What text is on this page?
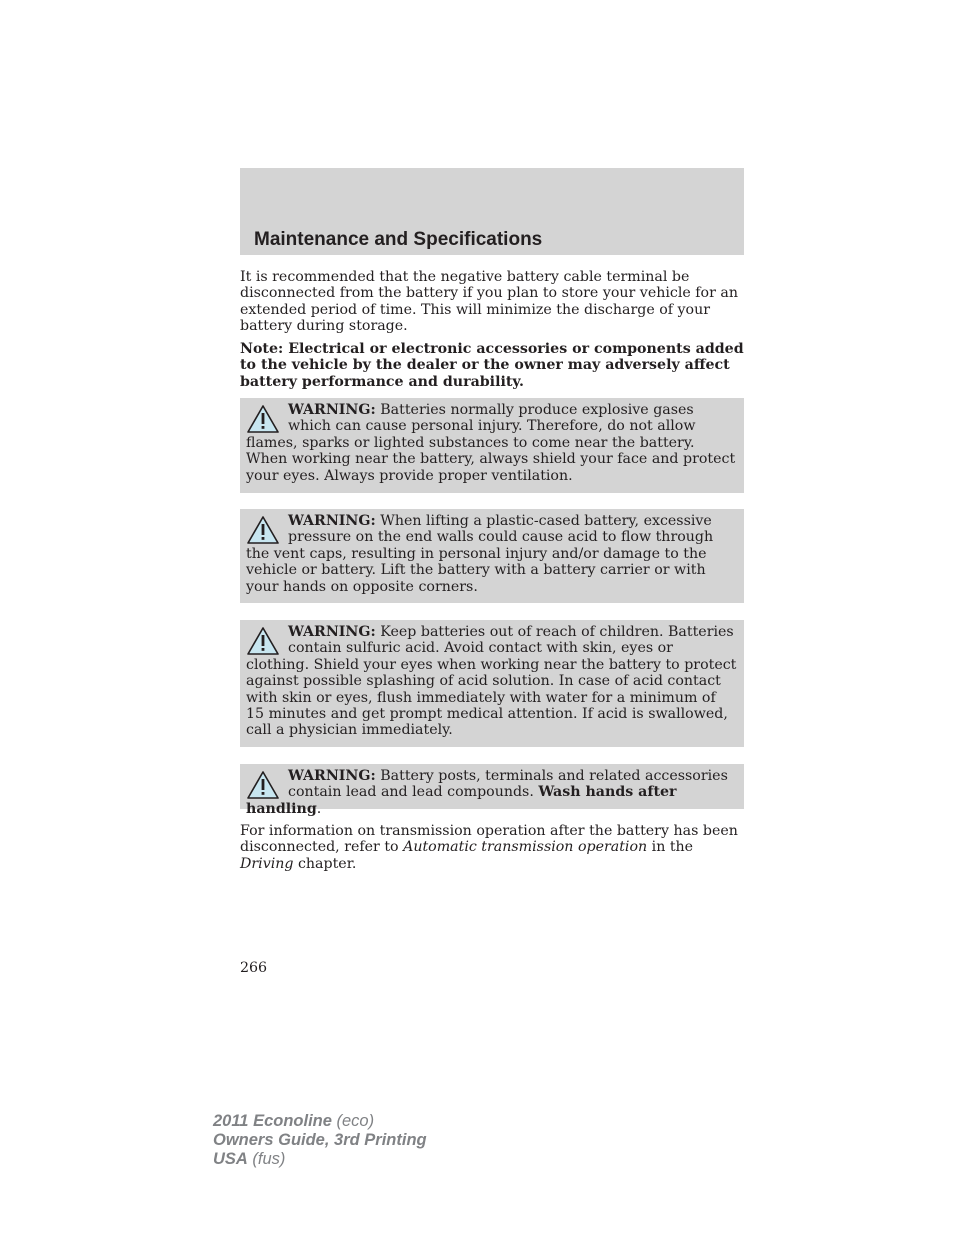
Maintenance and Specifications

It is recommended that the negative battery cable terminal be disconnected from the battery if you plan to store your vehicle for an extended period of time. This will minimize the discharge of your battery during storage.

Note: Electrical or electronic accessories or components added to the vehicle by the dealer or the owner may adversely affect battery performance and durability.

WARNING: Batteries normally produce explosive gases which can cause personal injury. Therefore, do not allow flames, sparks or lighted substances to come near the battery. When working near the battery, always shield your face and protect your eyes. Always provide proper ventilation.
WARNING: When lifting a plastic-cased battery, excessive pressure on the end walls could cause acid to flow through the vent caps, resulting in personal injury and/or damage to the vehicle or battery. Lift the battery with a battery carrier or with your hands on opposite corners.
WARNING: Keep batteries out of reach of children. Batteries contain sulfuric acid. Avoid contact with skin, eyes or clothing. Shield your eyes when working near the battery to protect against possible splashing of acid solution. In case of acid contact with skin or eyes, flush immediately with water for a minimum of 15 minutes and get prompt medical attention. If acid is swallowed, call a physician immediately.
WARNING: Battery posts, terminals and related accessories contain lead and lead compounds. Wash hands after handling.

For information on transmission operation after the battery has been disconnected, refer to Automatic transmission operation in the Driving chapter.

266
2011 Econoline (eco)
Owners Guide, 3rd Printing
USA (fus)
